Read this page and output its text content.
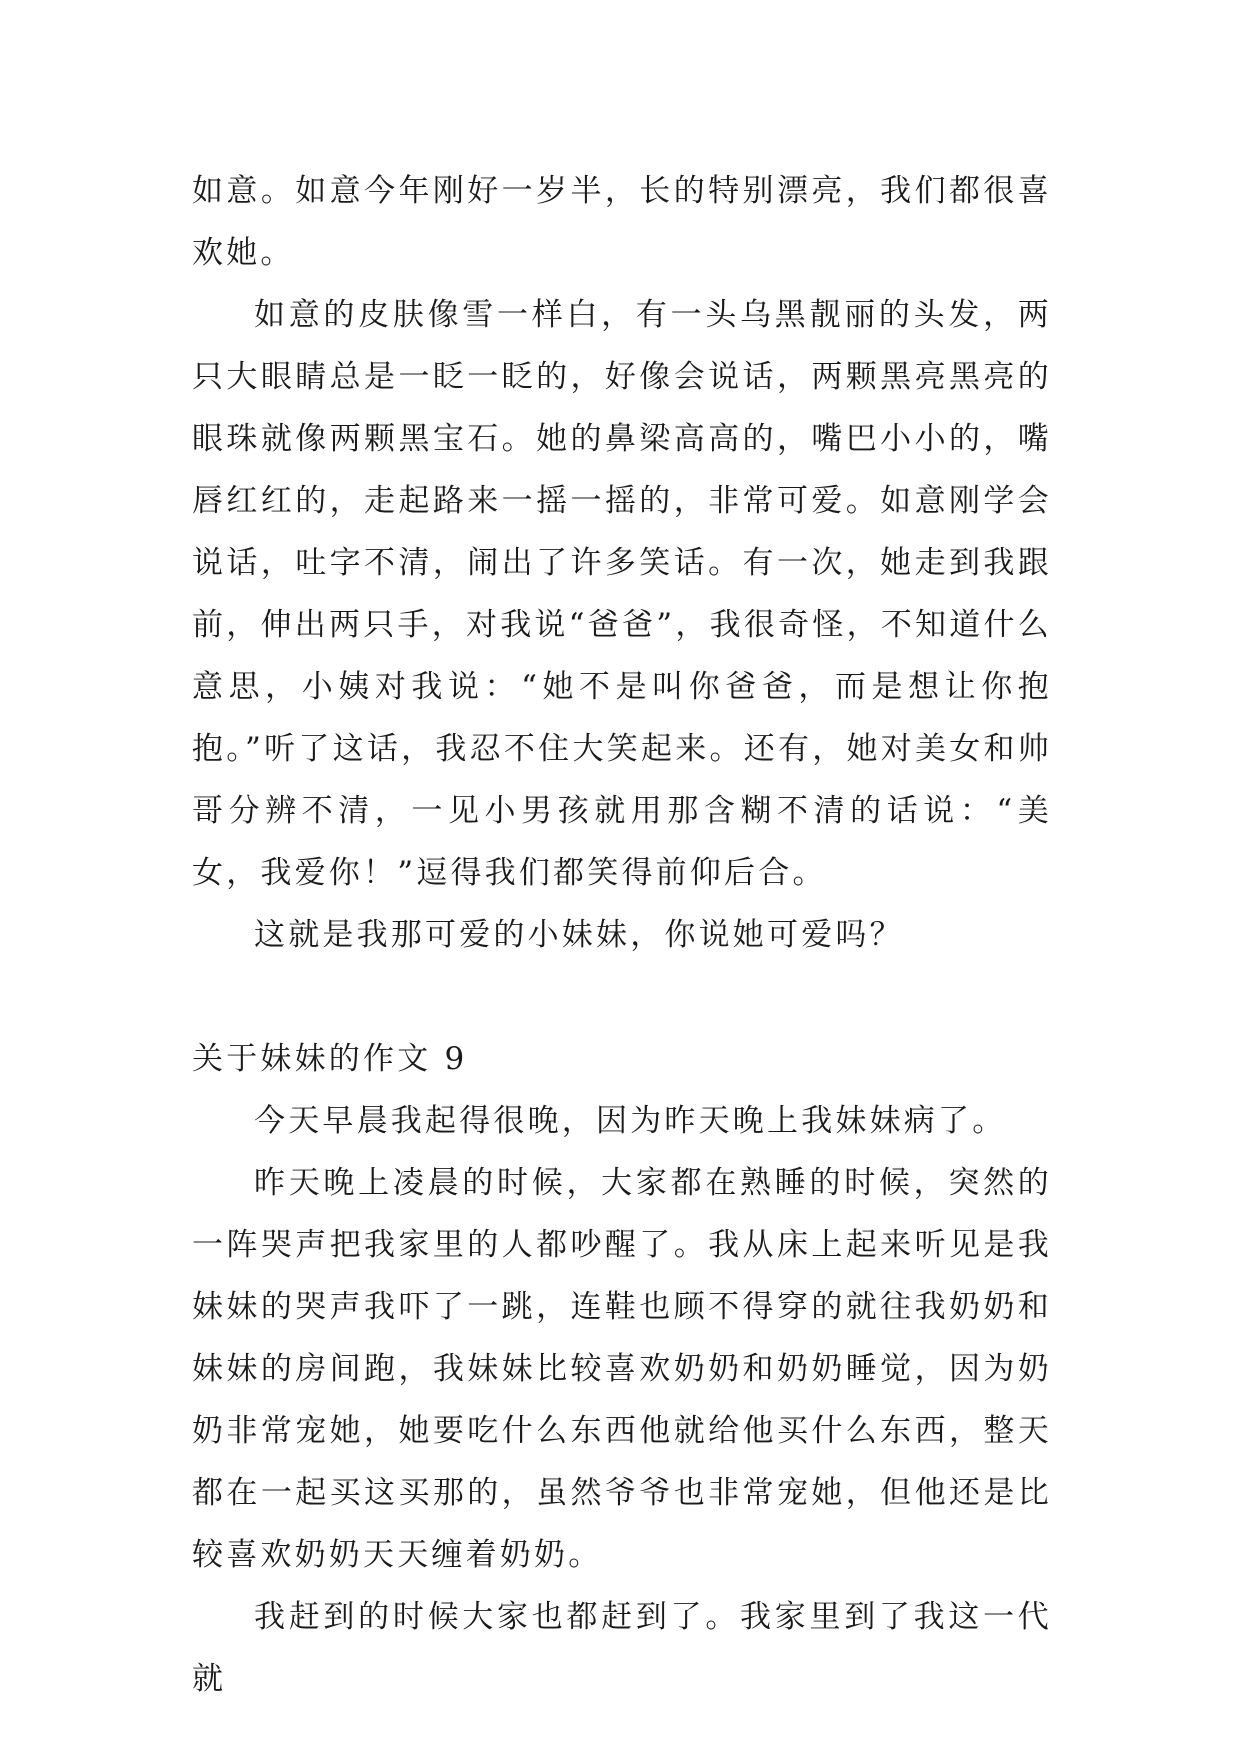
如意。如意今年刚好一岁半，长的特别漂亮，我们都很喜欢她。

如意的皮肤像雪一样白，有一头乌黑靓丽的头发，两只大眼睛总是一眨一眨的，好像会说话，两颗黑亮黑亮的眼珠就像两颗黑宝石。她的鼻梁高高的，嘴巴小小的，嘴唇红红的，走起路来一摇一摇的，非常可爱。如意刚学会说话，吐字不清，闹出了许多笑话。有一次，她走到我跟前，伸出两只手，对我说“爸爸”，我很奇怪，不知道什么意思，小姨对我说：“她不是叫你爸爸，而是想让你抱抱。”听了这话，我忍不住大笑起来。还有，她对美女和帅哥分辨不清，一见小男孩就用那含糊不清的话说：“美女，我爱你！”逗得我们都笑得前仰后合。

这就是我那可爱的小妹妹，你说她可爱吗？

关于妹妹的作文 9

今天早晨我起得很晚，因为昨天晚上我妹妹病了。

昨天晚上凌晨的时候，大家都在熟睡的时候，突然的一阵哭声把我家里的人都吵醒了。我从床上起来听见是我妹妹的哭声我吓了一跳，连鞋也顾不得穿的就往我奶奶和妹妹的房间跑，我妹妹比较喜欢奶奶和奶奶睡觉，因为奶奶非常宠她，她要吃什么东西他就给他买什么东西，整天都在一起买这买那的，虽然爷爷也非常宠她，但他还是比较喜欢奶奶天天缠着奶奶。

我赶到的时候大家也都赶到了。我家里到了我这一代就
